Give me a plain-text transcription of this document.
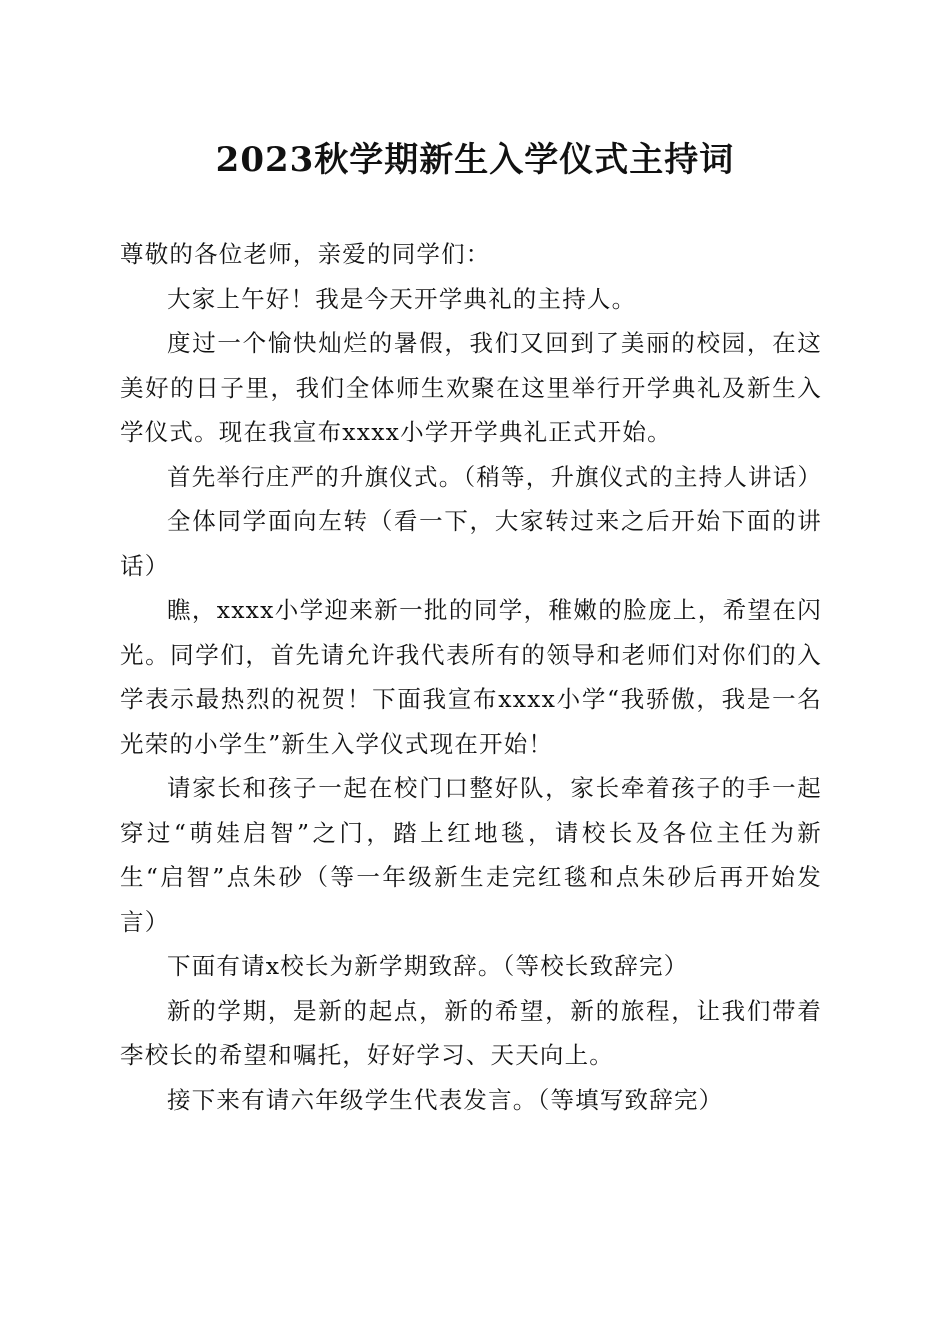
2023秋学期新生入学仪式主持词

尊敬的各位老师，亲爱的同学们：

大家上午好！我是今天开学典礼的主持人。

度过一个愉快灿烂的暑假，我们又回到了美丽的校园，在这美好的日子里，我们全体师生欢聚在这里举行开学典礼及新生入学仪式。现在我宣布xxxx小学开学典礼正式开始。

首先举行庄严的升旗仪式。（稍等，升旗仪式的主持人讲话）

全体同学面向左转（看一下，大家转过来之后开始下面的讲话）

瞧，xxxx小学迎来新一批的同学，稚嫩的脸庞上，希望在闪光。同学们，首先请允许我代表所有的领导和老师们对你们的入学表示最热烈的祝贺！下面我宣布xxxx小学“我骄傲，我是一名光荣的小学生”新生入学仪式现在开始！

请家长和孩子一起在校门口整好队，家长牵着孩子的手一起穿过“萌娃启智”之门，踏上红地毯，请校长及各位主任为新生“启智”点朱砂（等一年级新生走完红毯和点朱砂后再开始发言）

下面有请x校长为新学期致辞。（等校长致辞完）

新的学期，是新的起点，新的希望，新的旅程，让我们带着李校长的希望和嘱托，好好学习、天天向上。

接下来有请六年级学生代表发言。（等填写致辞完）
